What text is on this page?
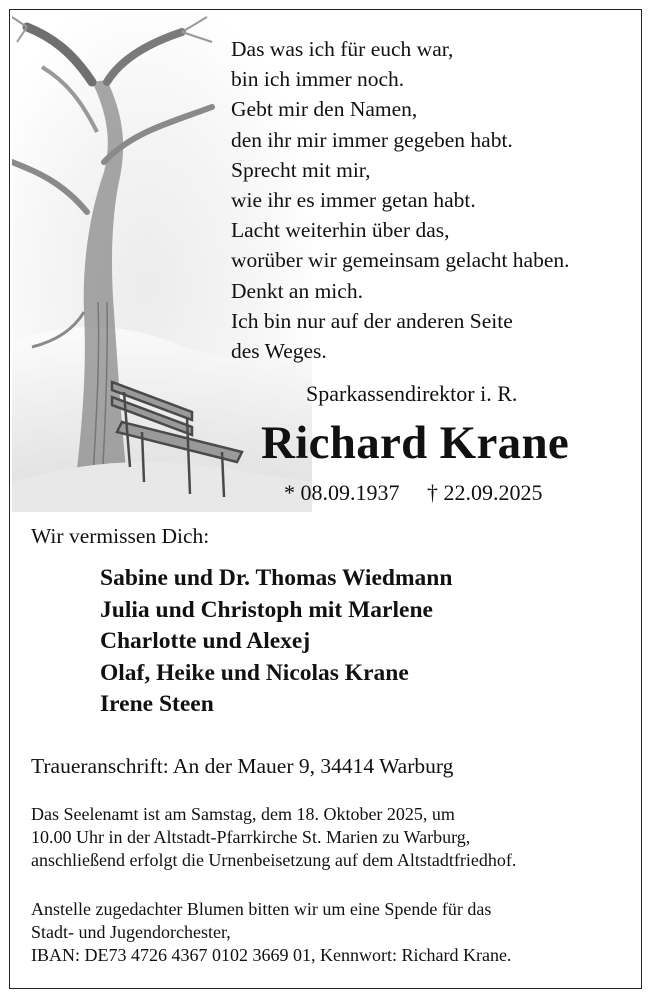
Das was ich für euch war,
bin ich immer noch.
Gebt mir den Namen,
den ihr mir immer gegeben habt.
Sprecht mit mir,
wie ihr es immer getan habt.
Lacht weiterhin über das,
worüber wir gemeinsam gelacht haben.
Denkt an mich.
Ich bin nur auf der anderen Seite
des Weges.
Sparkassendirektor i. R.
Richard Krane
* 08.09.1937 † 22.09.2025
Wir vermissen Dich:
Sabine und Dr. Thomas Wiedmann
Julia und Christoph mit Marlene
Charlotte und Alexej
Olaf, Heike und Nicolas Krane
Irene Steen
Traueranschrift: An der Mauer 9, 34414 Warburg
Das Seelenamt ist am Samstag, dem 18. Oktober 2025, um
10.00 Uhr in der Altstadt-Pfarrkirche St. Marien zu Warburg,
anschließend erfolgt die Urnenbeisetzung auf dem Altstadtfriedhof.
Anstelle zugedachter Blumen bitten wir um eine Spende für das
Stadt- und Jugendorchester,
IBAN: DE73 4726 4367 0102 3669 01, Kennwort: Richard Krane.
